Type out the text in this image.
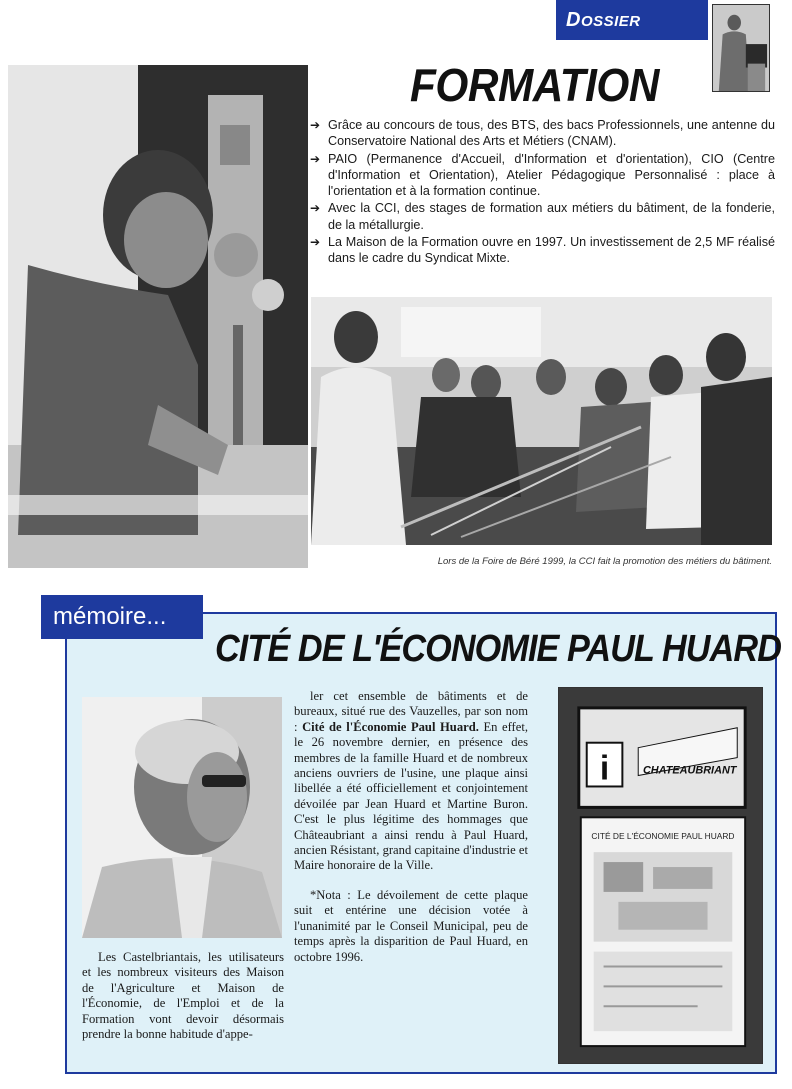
DOSSIER
FORMATION
➔ Grâce au concours de tous, des BTS, des bacs Professionnels, une antenne du Conservatoire National des Arts et Métiers (CNAM).
➔ PAIO (Permanence d'Accueil, d'Information et d'orientation), CIO (Centre d'Information et Orientation), Atelier Pédagogique Personnalisé : place à l'orientation et à la formation continue.
➔ Avec la CCI, des stages de formation aux métiers du bâtiment, de la fonderie, de la métallurgie.
➔ La Maison de la Formation ouvre en 1997. Un investissement de 2,5 MF réalisé dans le cadre du Syndicat Mixte.
Lors de la Foire de Béré 1999, la CCI fait la promotion des métiers du bâtiment.
mémoire...
CITÉ DE L'ÉCONOMIE PAUL HUARD
i	CHATEAUBRIANT
CITÉ DE L'ÉCONOMIE PAUL HUARD
Les Castelbriantais, les utilisateurs et les nombreux visiteurs des Maison de l'Agriculture et Maison de l'Économie, de l'Emploi et de la Formation vont devoir désormais prendre la bonne habitude d'appe-

ler cet ensemble de bâtiments et de bureaux, situé rue des Vauzelles, par son nom : Cité de l'Économie Paul Huard. En effet, le 26 novembre dernier, en présence des membres de la famille Huard et de nombreux anciens ouvriers de l'usine, une plaque ainsi libellée a été officiellement et conjointement dévoilée par Jean Huard et Martine Buron. C'est le plus légitime des hommages que Châteaubriant a ainsi rendu à Paul Huard, ancien Résistant, grand capitaine d'industrie et Maire honoraire de la Ville.

*Nota : Le dévoilement de cette plaque suit et entérine une décision votée à l'unanimité par le Conseil Municipal, peu de temps après la disparition de Paul Huard, en octobre 1996.
